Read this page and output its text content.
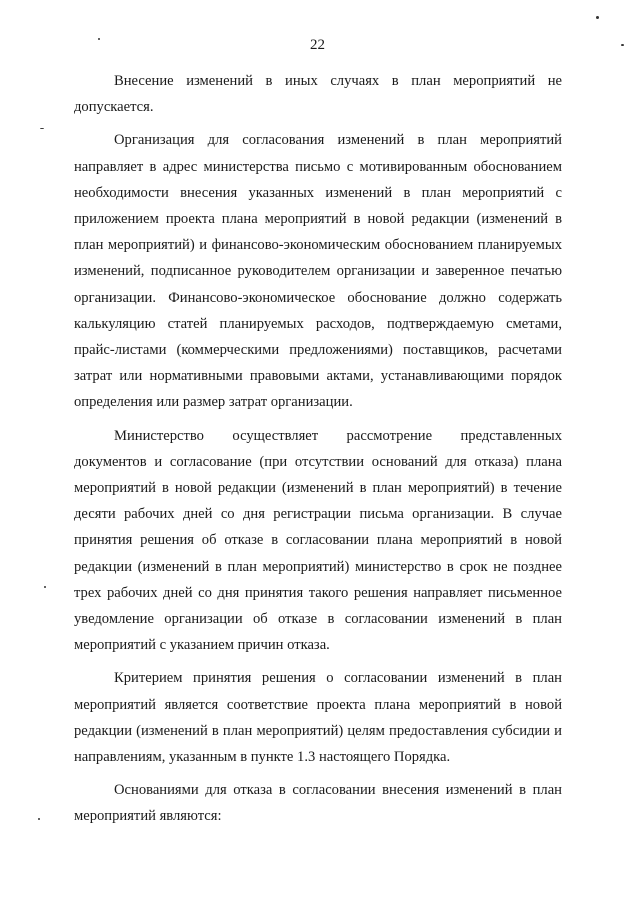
22

Внесение изменений в иных случаях в план мероприятий не допускается.

Организация для согласования изменений в план мероприятий направляет в адрес министерства письмо с мотивированным обоснованием необходимости внесения указанных изменений в план мероприятий с приложением проекта плана мероприятий в новой редакции (изменений в план мероприятий) и финансово-экономическим обоснованием планируемых изменений, подписанное руководителем организации и заверенное печатью организации. Финансово-экономическое обоснование должно содержать калькуляцию статей планируемых расходов, подтверждаемую сметами, прайс-листами (коммерческими предложениями) поставщиков, расчетами затрат или нормативными правовыми актами, устанавливающими порядок определения или размер затрат организации.

Министерство осуществляет рассмотрение представленных документов и согласование (при отсутствии оснований для отказа) плана мероприятий в новой редакции (изменений в план мероприятий) в течение десяти рабочих дней со дня регистрации письма организации. В случае принятия решения об отказе в согласовании плана мероприятий в новой редакции (изменений в план мероприятий) министерство в срок не позднее трех рабочих дней со дня принятия такого решения направляет письменное уведомление организации об отказе в согласовании изменений в план мероприятий с указанием причин отказа.

Критерием принятия решения о согласовании изменений в план мероприятий является соответствие проекта плана мероприятий в новой редакции (изменений в план мероприятий) целям предоставления субсидии и направлениям, указанным в пункте 1.3 настоящего Порядка.

Основаниями для отказа в согласовании внесения изменений в план мероприятий являются:
